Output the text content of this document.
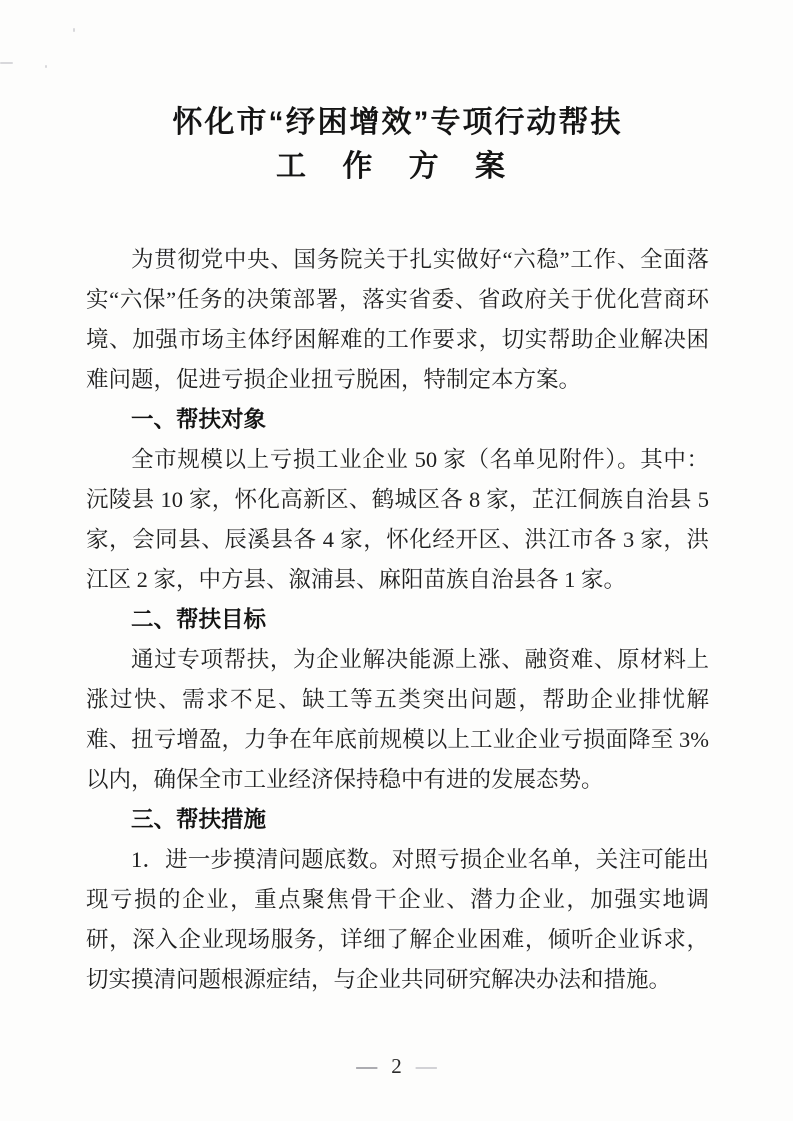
怀化市“纾困增效”专项行动帮扶
工 作 方 案

为贯彻党中央、国务院关于扎实做好“六稳”工作、全面落实“六保”任务的决策部署，落实省委、省政府关于优化营商环境、加强市场主体纾困解难的工作要求，切实帮助企业解决困难问题，促进亏损企业扭亏脱困，特制定本方案。

一、帮扶对象

全市规模以上亏损工业企业 50 家（名单见附件）。其中：沅陵县 10 家，怀化高新区、鹤城区各 8 家，芷江侗族自治县 5 家，会同县、辰溪县各 4 家，怀化经开区、洪江市各 3 家，洪江区 2 家，中方县、溆浦县、麻阳苗族自治县各 1 家。

二、帮扶目标

通过专项帮扶，为企业解决能源上涨、融资难、原材料上涨过快、需求不足、缺工等五类突出问题，帮助企业排忧解难、扭亏增盈，力争在年底前规模以上工业企业亏损面降至 3% 以内，确保全市工业经济保持稳中有进的发展态势。

三、帮扶措施

1．进一步摸清问题底数。对照亏损企业名单，关注可能出现亏损的企业，重点聚焦骨干企业、潜力企业，加强实地调研，深入企业现场服务，详细了解企业困难，倾听企业诉求，切实摸清问题根源症结，与企业共同研究解决办法和措施。

— 2 —
